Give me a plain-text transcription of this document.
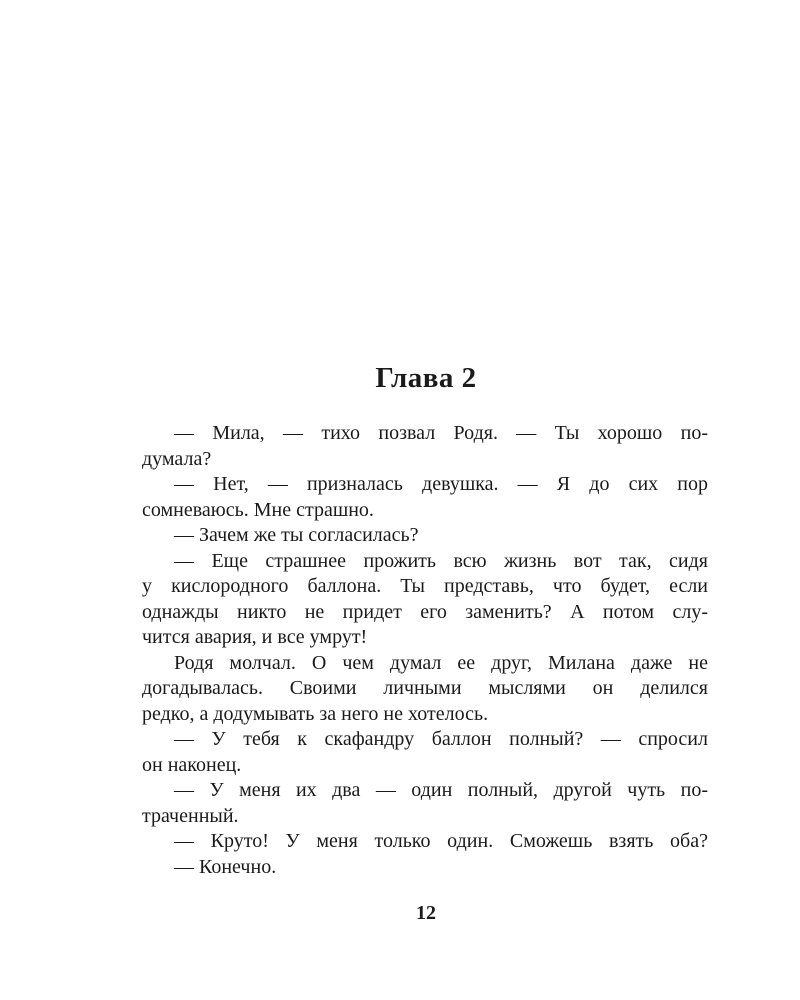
Глава 2

— Мила, — тихо позвал Родя. — Ты хорошо по-
думала?

— Нет, — призналась девушка. — Я до сих пор
сомневаюсь. Мне страшно.

— Зачем же ты согласилась?

— Еще страшнее прожить всю жизнь вот так, сидя
у кислородного баллона. Ты представь, что будет, если
однажды никто не придет его заменить? А потом слу-
чится авария, и все умрут!

Родя молчал. О чем думал ее друг, Милана даже не
догадывалась. Своими личными мыслями он делился
редко, а додумывать за него не хотелось.

— У тебя к скафандру баллон полный? — спросил
он наконец.

— У меня их два — один полный, другой чуть по-
траченный.

— Круто! У меня только один. Сможешь взять оба?

— Конечно.

12
